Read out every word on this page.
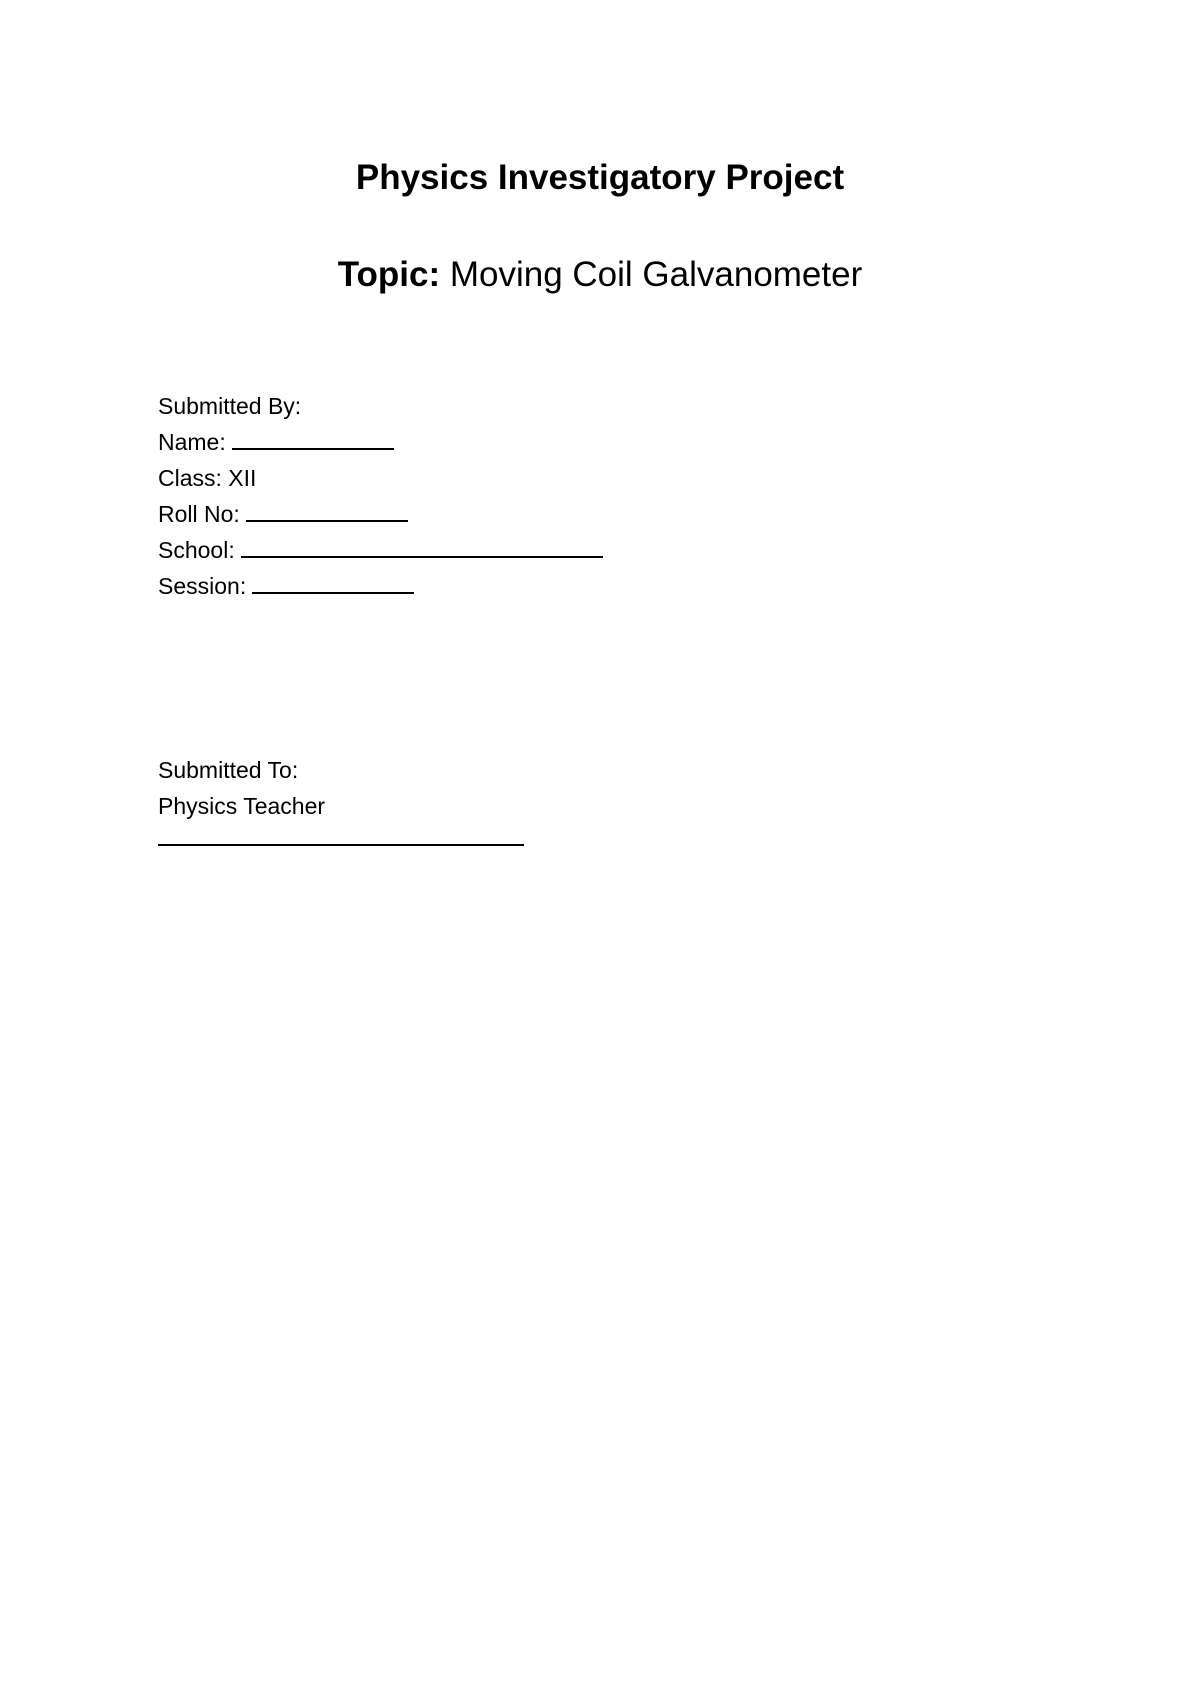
Physics Investigatory Project
Topic: Moving Coil Galvanometer
Submitted By:
Name:
Class: XII
Roll No:
School:
Session:
Submitted To:
Physics Teacher
